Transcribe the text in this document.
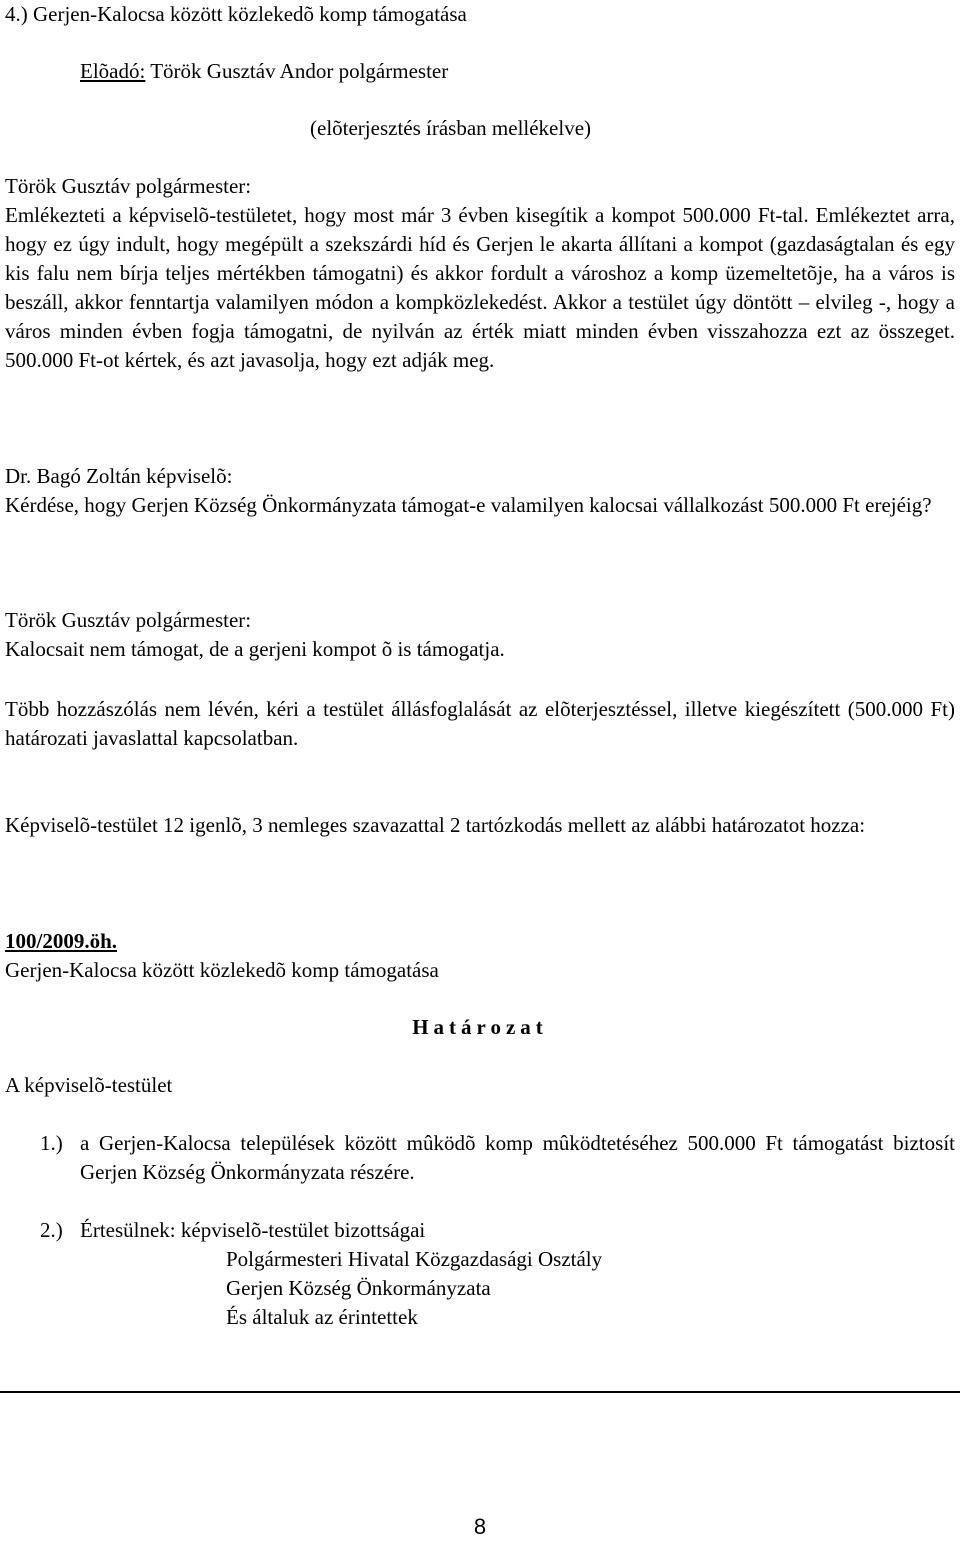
4.) Gerjen-Kalocsa között közlekedõ komp támogatása
Elõadó: Török Gusztáv Andor polgármester
(elõterjesztés írásban mellékelve)
Török Gusztáv polgármester:
Emlékezteti a képviselõ-testületet, hogy most már 3 évben kisegítik a kompot 500.000 Ft-tal. Emlékeztet arra, hogy ez úgy indult, hogy megépült a szekszárdi híd és Gerjen le akarta állítani a kompot (gazdaságtalan és egy kis falu nem bírja teljes mértékben támogatni) és akkor fordult a városhoz a komp üzemeltetõje, ha a város is beszáll, akkor fenntartja valamilyen módon a kompközlekedést. Akkor a testület úgy döntött – elvileg -, hogy a város minden évben fogja támogatni, de nyilván az érték miatt minden évben visszahozza ezt az összeget. 500.000 Ft-ot kértek, és azt javasolja, hogy ezt adják meg.
Dr. Bagó Zoltán képviselõ:
Kérdése, hogy Gerjen Község Önkormányzata támogat-e valamilyen kalocsai vállalkozást 500.000 Ft erejéig?
Török Gusztáv polgármester:
Kalocsait nem támogat, de a gerjeni kompot õ is támogatja.
Több hozzászólás nem lévén, kéri a testület állásfoglalását az elõterjesztéssel, illetve kiegészített (500.000 Ft) határozati javaslattal kapcsolatban.
Képviselõ-testület 12 igenlõ, 3 nemleges szavazattal 2 tartózkodás mellett az alábbi határozatot hozza:
100/2009.öh.
Gerjen-Kalocsa között közlekedõ komp támogatása
Határozat
A képviselõ-testület
1.) a Gerjen-Kalocsa települések között mûködõ komp mûködtetéséhez 500.000 Ft támogatást biztosít Gerjen Község Önkormányzata részére.
2.) Értesülnek: képviselõ-testület bizottságai
Polgármesteri Hivatal Közgazdasági Osztály
Gerjen Község Önkormányzata
És általuk az érintettek
8
